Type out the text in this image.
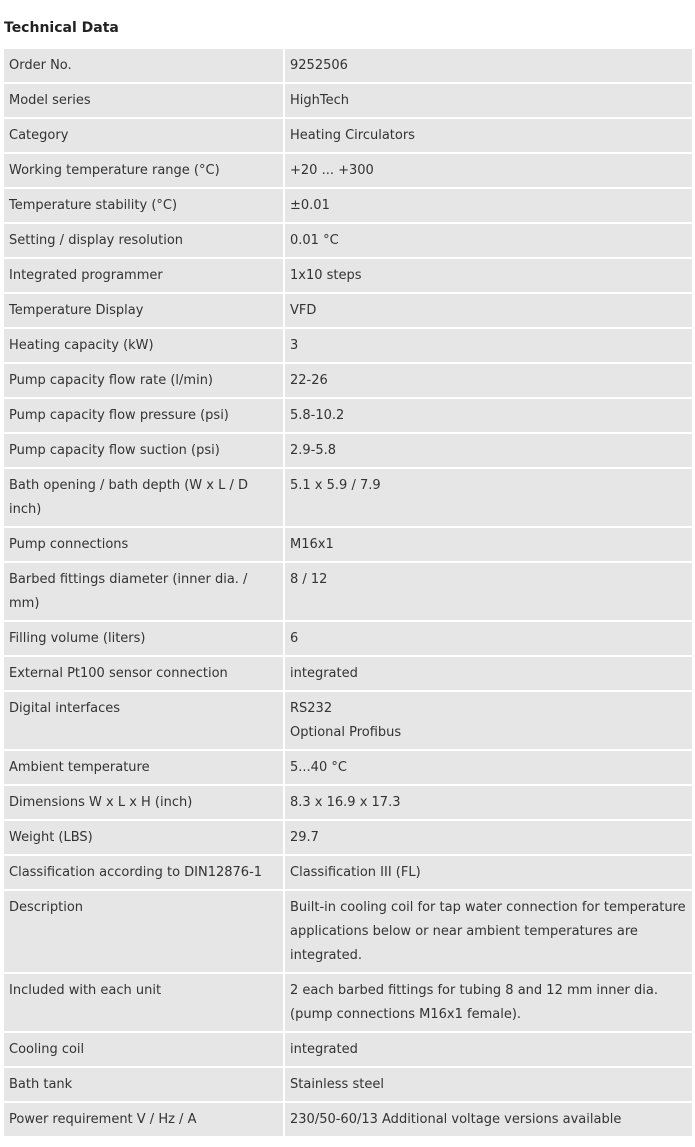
Technical Data
Order No.	9252506

Model series	HighTech

Category	Heating Circulators

Working temperature range (°C)	+20 ... +300

Temperature stability (°C)	±0.01

Setting / display resolution	0.01 °C

Integrated programmer	1x10 steps

Temperature Display	VFD

Heating capacity (kW)	3

Pump capacity flow rate (l/min)	22-26

Pump capacity flow pressure (psi)	5.8-10.2

Pump capacity flow suction (psi)	2.9-5.8

Bath opening / bath depth (W x L / D inch)	5.1 x 5.9 / 7.9

Pump connections	M16x1

Barbed fittings diameter (inner dia. / mm)	8 / 12

Filling volume (liters)	6

External Pt100 sensor connection	integrated

Digital interfaces	RS232
Optional Profibus

Ambient temperature	5...40 °C

Dimensions W x L x H (inch)	8.3 x 16.9 x 17.3

Weight (LBS)	29.7

Classification according to DIN12876-1	Classification III (FL)

Description	Built-in cooling coil for tap water connection for temperature applications below or near ambient temperatures are integrated.

Included with each unit	2 each barbed fittings for tubing 8 and 12 mm inner dia. (pump connections M16x1 female).

Cooling coil	integrated

Bath tank	Stainless steel

Power requirement V / Hz / A	230/50-60/13 Additional voltage versions available
